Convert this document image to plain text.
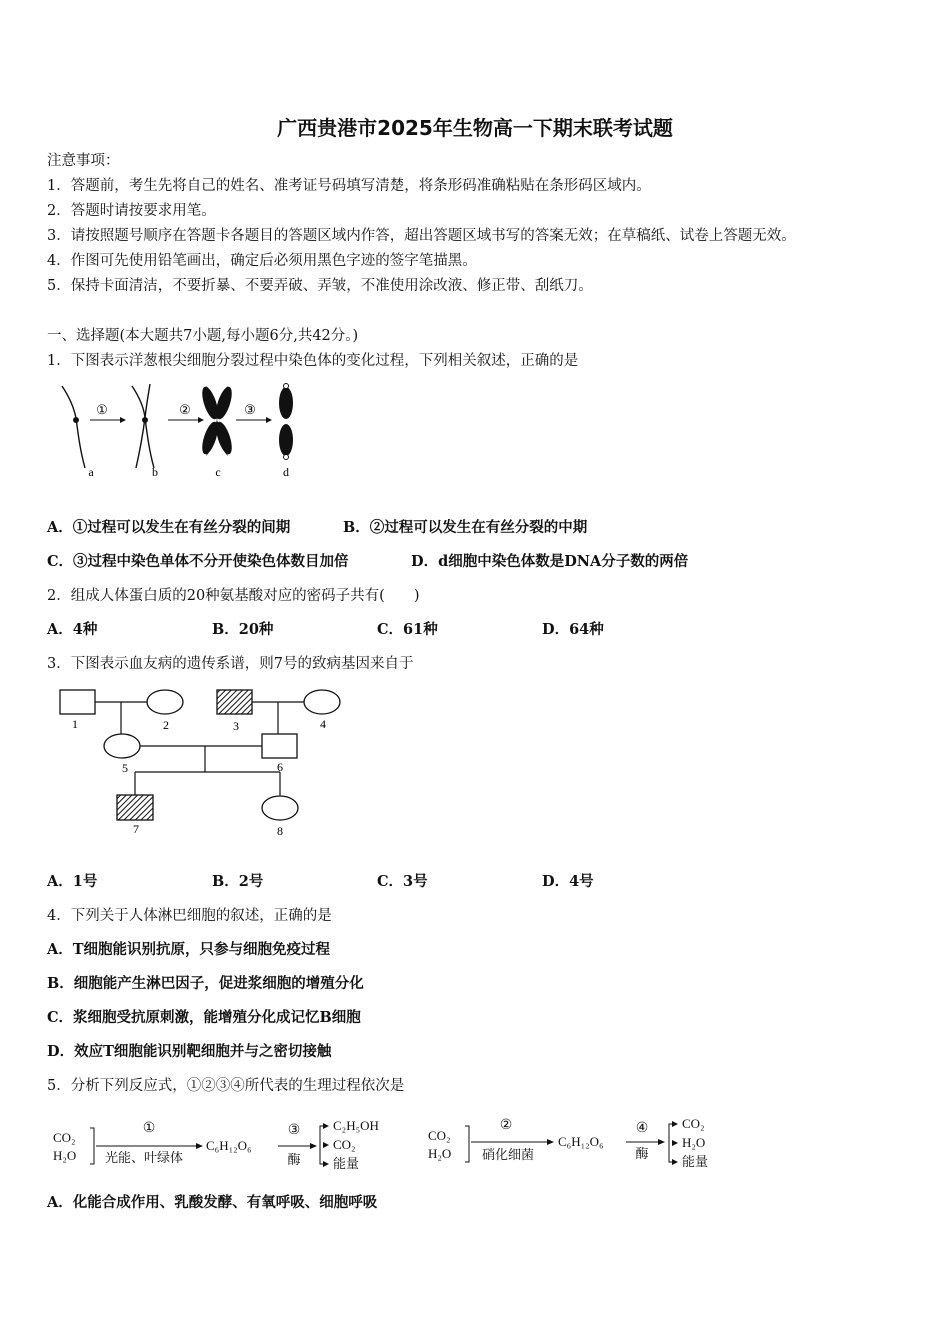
广西贵港市2025年生物高一下期末联考试题
注意事项：
1．答题前，考生先将自己的姓名、准考证号码填写清楚，将条形码准确粘贴在条形码区域内。
2．答题时请按要求用笔。
3．请按照题号顺序在答题卡各题目的答题区域内作答，超出答题区域书写的答案无效；在草稿纸、试卷上答题无效。
4．作图可先使用铅笔画出，确定后必须用黑色字迹的签字笔描黑。
5．保持卡面清洁，不要折暴、不要弄破、弄皱，不准使用涂改液、修正带、刮纸刀。
一、选择题(本大题共7小题,每小题6分,共42分。)
1．下图表示洋葱根尖细胞分裂过程中染色体的变化过程，下列相关叙述，正确的是
①	②	③
a	b	c	d
A．①过程可以发生在有丝分裂的间期	B．②过程可以发生在有丝分裂的中期
C．③过程中染色单体不分开使染色体数目加倍	D．d细胞中染色体数是DNA分子数的两倍
2．组成人体蛋白质的20种氨基酸对应的密码子共有(　　)
A．4种	B．20种	C．61种	D．64种
3．下图表示血友病的遗传系谱，则7号的致病基因来自于
1	2	3	4
5	6
7	8
A．1号	B．2号	C．3号	D．4号
4．下列关于人体淋巴细胞的叙述，正确的是
A．T细胞能识别抗原，只参与细胞免疫过程
B．细胞能产生淋巴因子，促进浆细胞的增殖分化
C．浆细胞受抗原刺激，能增殖分化成记忆B细胞
D．效应T细胞能识别靶细胞并与之密切接触
5．分析下列反应式，①②③④所代表的生理过程依次是
CO₂
H₂O
①
光能、叶绿体
C₆H₁₂O₆
③
酶
C₂H₅OH
CO₂
能量
CO₂
H₂O
②
硝化细菌
C₆H₁₂O₆
④
酶
CO₂
H₂O
能量
A．化能合成作用、乳酸发酵、有氧呼吸、细胞呼吸
